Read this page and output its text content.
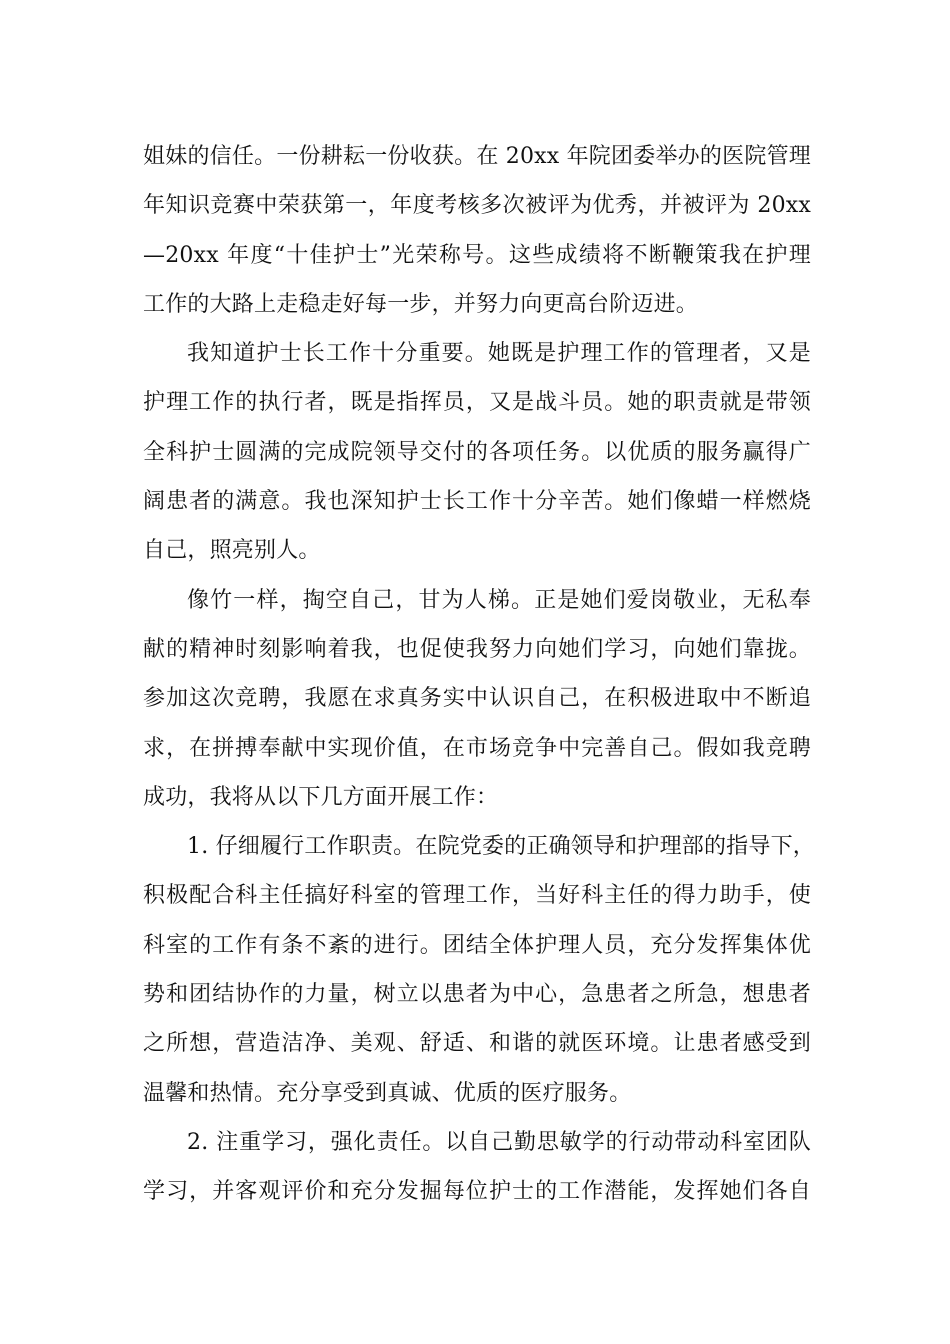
姐妹的信任。一份耕耘一份收获。在 20xx 年院团委举办的医院管理
年知识竞赛中荣获第一，年度考核多次被评为优秀，并被评为 20xx
—20xx 年度“十佳护士”光荣称号。这些成绩将不断鞭策我在护理
工作的大路上走稳走好每一步，并努力向更高台阶迈进。
我知道护士长工作十分重要。她既是护理工作的管理者，又是
护理工作的执行者，既是指挥员，又是战斗员。她的职责就是带领
全科护士圆满的完成院领导交付的各项任务。以优质的服务赢得广
阔患者的满意。我也深知护士长工作十分辛苦。她们像蜡一样燃烧
自己，照亮别人。
像竹一样，掏空自己，甘为人梯。正是她们爱岗敬业，无私奉
献的精神时刻影响着我，也促使我努力向她们学习，向她们靠拢。
参加这次竞聘，我愿在求真务实中认识自己，在积极进取中不断追
求，在拼搏奉献中实现价值，在市场竞争中完善自己。假如我竞聘
成功，我将从以下几方面开展工作：
1. 仔细履行工作职责。在院党委的正确领导和护理部的指导下，
积极配合科主任搞好科室的管理工作，当好科主任的得力助手，使
科室的工作有条不紊的进行。团结全体护理人员，充分发挥集体优
势和团结协作的力量，树立以患者为中心，急患者之所急，想患者
之所想，营造洁净、美观、舒适、和谐的就医环境。让患者感受到
温馨和热情。充分享受到真诚、优质的医疗服务。
2. 注重学习，强化责任。以自己勤思敏学的行动带动科室团队
学习，并客观评价和充分发掘每位护士的工作潜能，发挥她们各自
